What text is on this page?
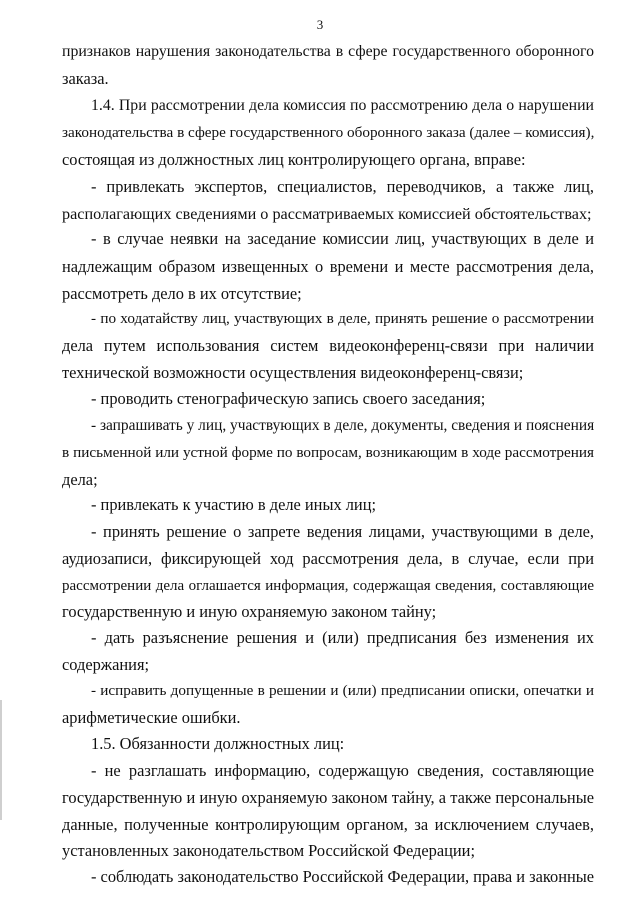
3
признаков нарушения законодательства в сфере государственного оборонного
заказа.
1.4. При рассмотрении дела комиссия по рассмотрению дела о нарушении
законодательства в сфере государственного оборонного заказа (далее – комиссия),
состоящая из должностных лиц контролирующего органа, вправе:
- привлекать экспертов, специалистов, переводчиков, а также лиц,
располагающих сведениями о рассматриваемых комиссией обстоятельствах;
- в случае неявки на заседание комиссии лиц, участвующих в деле и
надлежащим образом извещенных о времени и месте рассмотрения дела,
рассмотреть дело в их отсутствие;
- по ходатайству лиц, участвующих в деле, принять решение о рассмотрении
дела путем использования систем видеоконференц-связи при наличии
технической возможности осуществления видеоконференц-связи;
- проводить стенографическую запись своего заседания;
- запрашивать у лиц, участвующих в деле, документы, сведения и пояснения
в письменной или устной форме по вопросам, возникающим в ходе рассмотрения
дела;
- привлекать к участию в деле иных лиц;
- принять решение о запрете ведения лицами, участвующими в деле,
аудиозаписи, фиксирующей ход рассмотрения дела, в случае, если при
рассмотрении дела оглашается информация, содержащая сведения, составляющие
государственную и иную охраняемую законом тайну;
- дать разъяснение решения и (или) предписания без изменения их
содержания;
- исправить допущенные в решении и (или) предписании описки, опечатки и
арифметические ошибки.
1.5. Обязанности должностных лиц:
- не разглашать информацию, содержащую сведения, составляющие
государственную и иную охраняемую законом тайну, а также персональные
данные, полученные контролирующим органом, за исключением случаев,
установленных законодательством Российской Федерации;
- соблюдать законодательство Российской Федерации, права и законные
